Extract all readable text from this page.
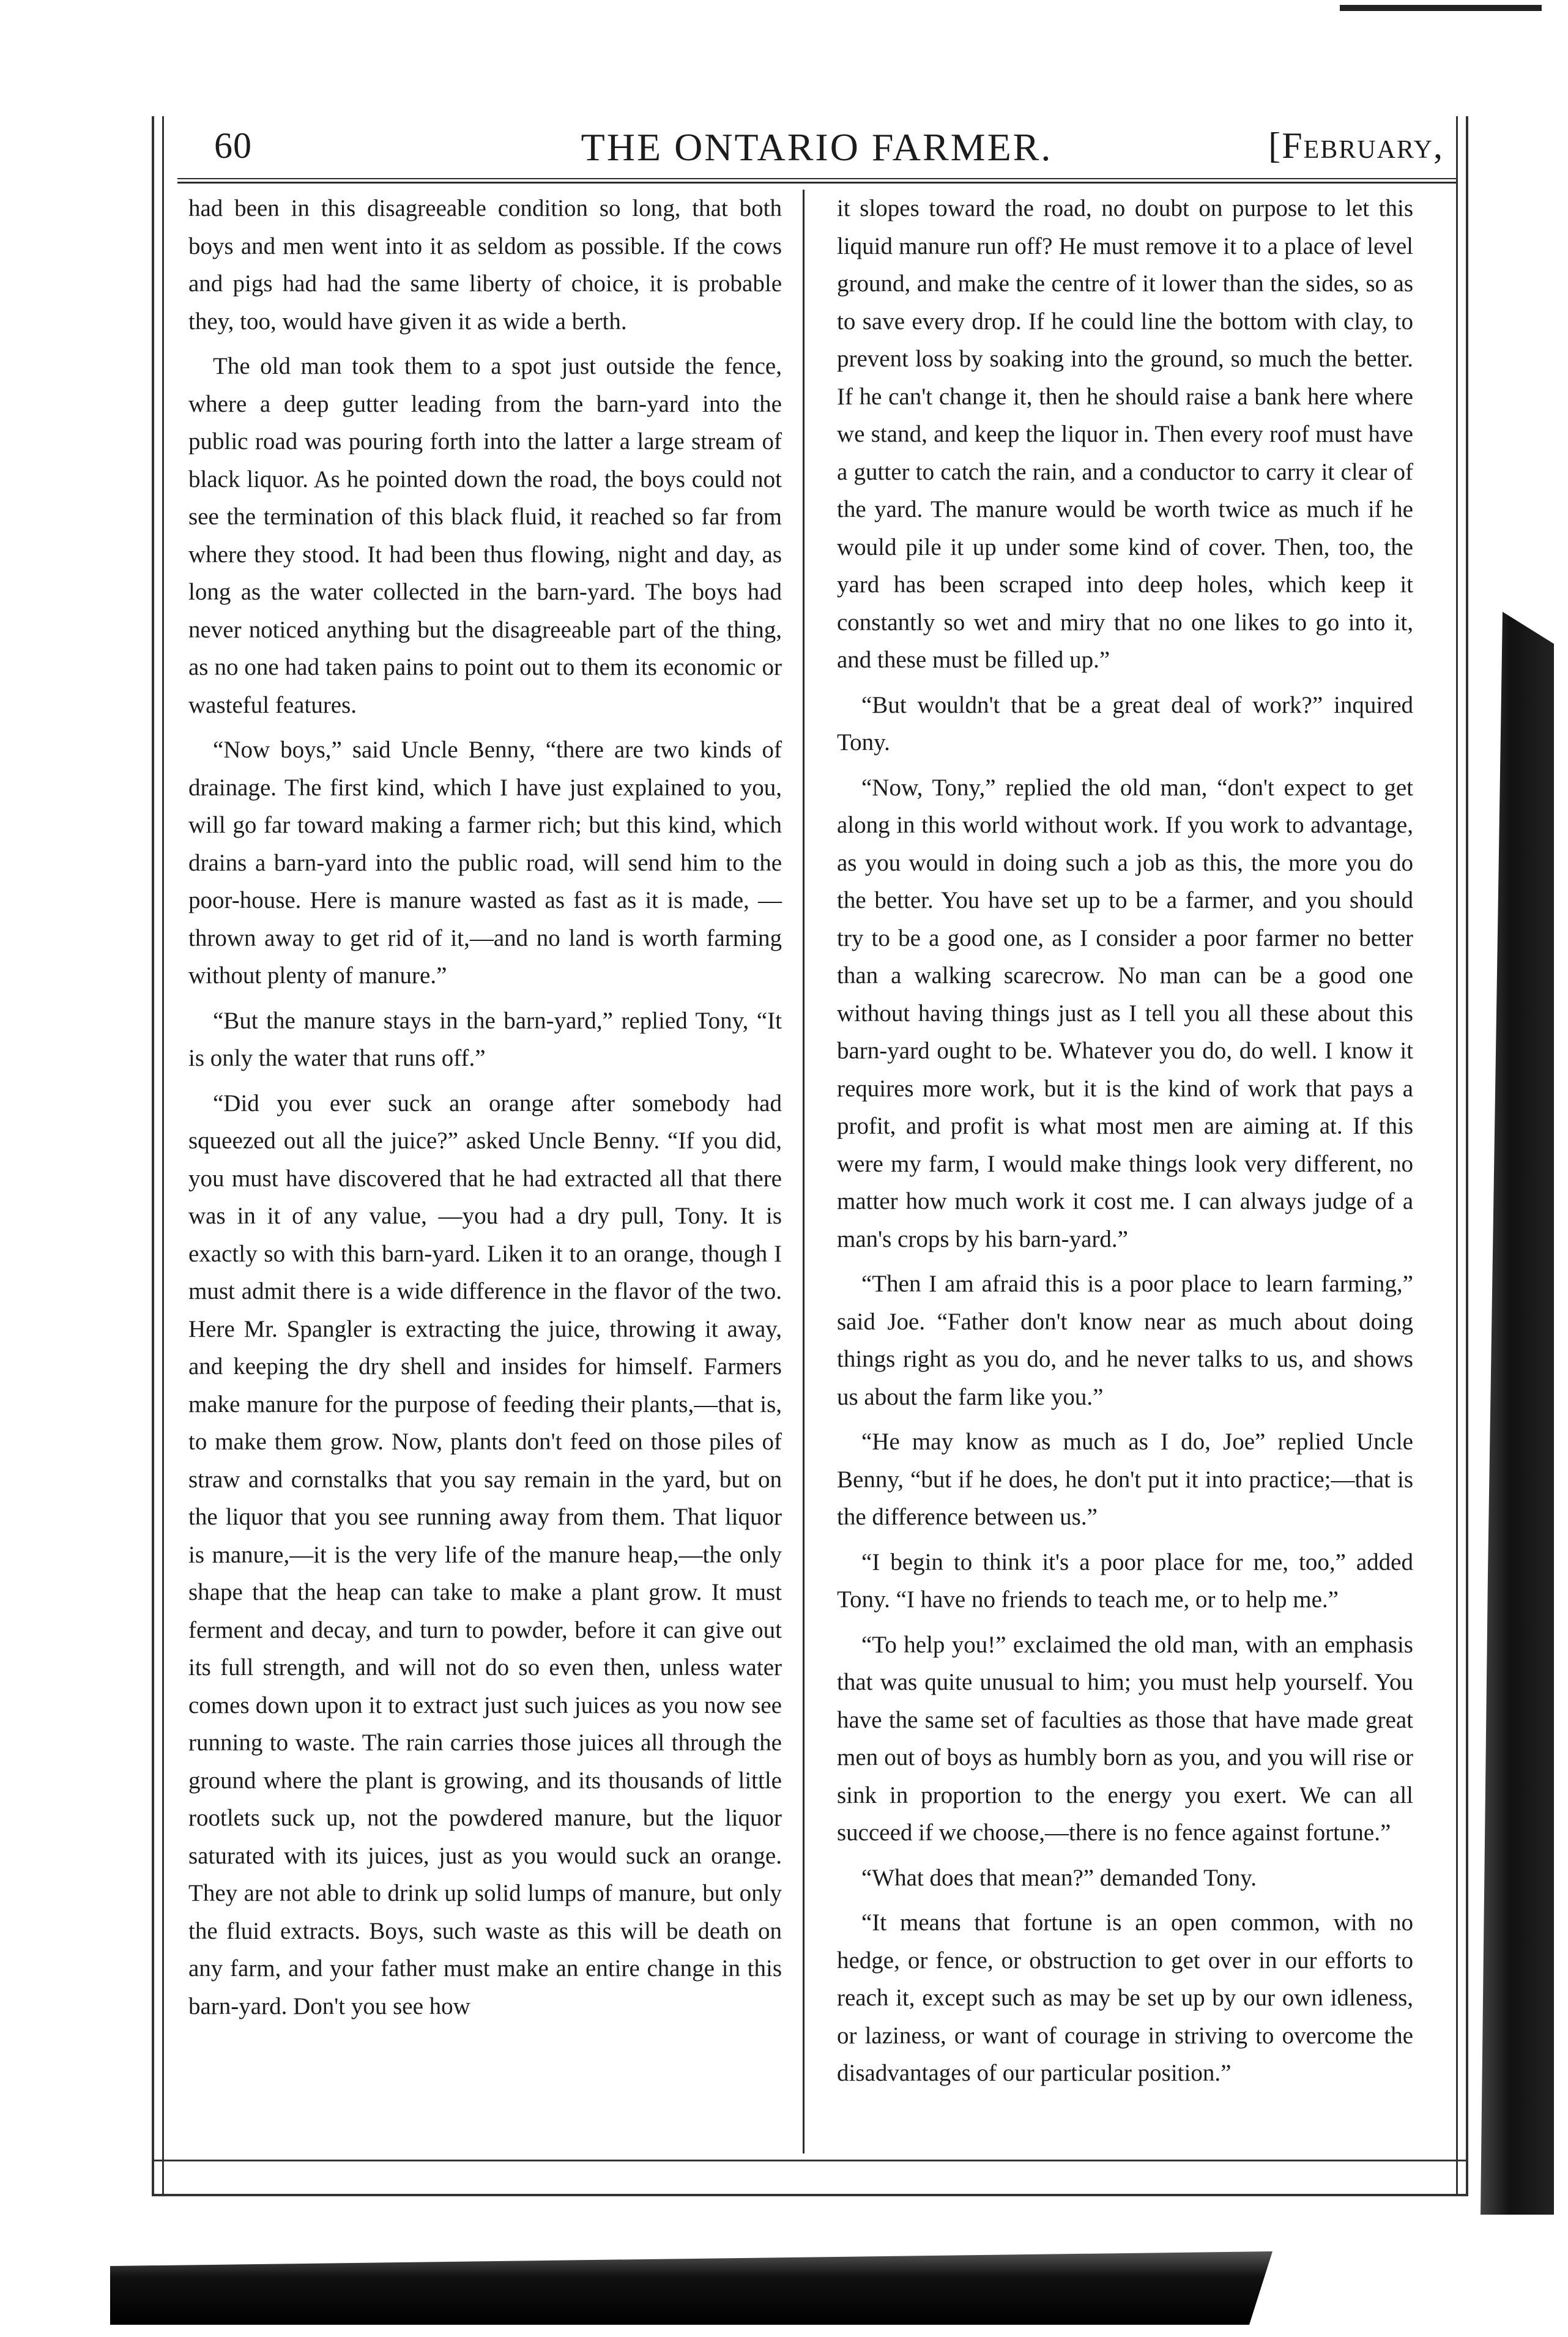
60	THE ONTARIO FARMER.	[February,

had been in this disagreeable condition so long, that both boys and men went into it as seldom as possible. If the cows and pigs had had the same liberty of choice, it is probable they, too, would have given it as wide a berth.

The old man took them to a spot just outside the fence, where a deep gutter leading from the barn-yard into the public road was pouring forth into the latter a large stream of black liquor. As he pointed down the road, the boys could not see the termination of this black fluid, it reached so far from where they stood. It had been thus flowing, night and day, as long as the water collected in the barn-yard. The boys had never noticed anything but the disagreeable part of the thing, as no one had taken pains to point out to them its economic or wasteful features.

“Now boys,” said Uncle Benny, “there are two kinds of drainage. The first kind, which I have just explained to you, will go far toward making a farmer rich; but this kind, which drains a barn-yard into the public road, will send him to the poor-house. Here is manure wasted as fast as it is made, —thrown away to get rid of it,—and no land is worth farming without plenty of manure.”

“But the manure stays in the barn-yard,” replied Tony, “It is only the water that runs off.”

“Did you ever suck an orange after somebody had squeezed out all the juice?” asked Uncle Benny. “If you did, you must have discovered that he had extracted all that there was in it of any value, —you had a dry pull, Tony. It is exactly so with this barn-yard. Liken it to an orange, though I must admit there is a wide difference in the flavor of the two. Here Mr. Spangler is extracting the juice, throwing it away, and keeping the dry shell and insides for himself. Farmers make manure for the purpose of feeding their plants,—that is, to make them grow. Now, plants don't feed on those piles of straw and cornstalks that you say remain in the yard, but on the liquor that you see running away from them. That liquor is manure,—it is the very life of the manure heap,—the only shape that the heap can take to make a plant grow. It must ferment and decay, and turn to powder, before it can give out its full strength, and will not do so even then, unless water comes down upon it to extract just such juices as you now see running to waste. The rain carries those juices all through the ground where the plant is growing, and its thousands of little rootlets suck up, not the powdered manure, but the liquor saturated with its juices, just as you would suck an orange. They are not able to drink up solid lumps of manure, but only the fluid extracts. Boys, such waste as this will be death on any farm, and your father must make an entire change in this barn-yard. Don't you see how

it slopes toward the road, no doubt on purpose to let this liquid manure run off? He must remove it to a place of level ground, and make the centre of it lower than the sides, so as to save every drop. If he could line the bottom with clay, to prevent loss by soaking into the ground, so much the better. If he can't change it, then he should raise a bank here where we stand, and keep the liquor in. Then every roof must have a gutter to catch the rain, and a conductor to carry it clear of the yard. The manure would be worth twice as much if he would pile it up under some kind of cover. Then, too, the yard has been scraped into deep holes, which keep it constantly so wet and miry that no one likes to go into it, and these must be filled up.”

“But wouldn't that be a great deal of work?” inquired Tony.

“Now, Tony,” replied the old man, “don't expect to get along in this world without work. If you work to advantage, as you would in doing such a job as this, the more you do the better. You have set up to be a farmer, and you should try to be a good one, as I consider a poor farmer no better than a walking scarecrow. No man can be a good one without having things just as I tell you all these about this barn-yard ought to be. Whatever you do, do well. I know it requires more work, but it is the kind of work that pays a profit, and profit is what most men are aiming at. If this were my farm, I would make things look very different, no matter how much work it cost me. I can always judge of a man's crops by his barn-yard.”

“Then I am afraid this is a poor place to learn farming,” said Joe. “Father don't know near as much about doing things right as you do, and he never talks to us, and shows us about the farm like you.”

“He may know as much as I do, Joe” replied Uncle Benny, “but if he does, he don't put it into practice;—that is the difference between us.”

“I begin to think it's a poor place for me, too,” added Tony. “I have no friends to teach me, or to help me.”

“To help you!” exclaimed the old man, with an emphasis that was quite unusual to him; you must help yourself. You have the same set of faculties as those that have made great men out of boys as humbly born as you, and you will rise or sink in proportion to the energy you exert. We can all succeed if we choose,—there is no fence against fortune.”

“What does that mean?” demanded Tony.

“It means that fortune is an open common, with no hedge, or fence, or obstruction to get over in our efforts to reach it, except such as may be set up by our own idleness, or laziness, or want of courage in striving to overcome the disadvantages of our particular position.”
